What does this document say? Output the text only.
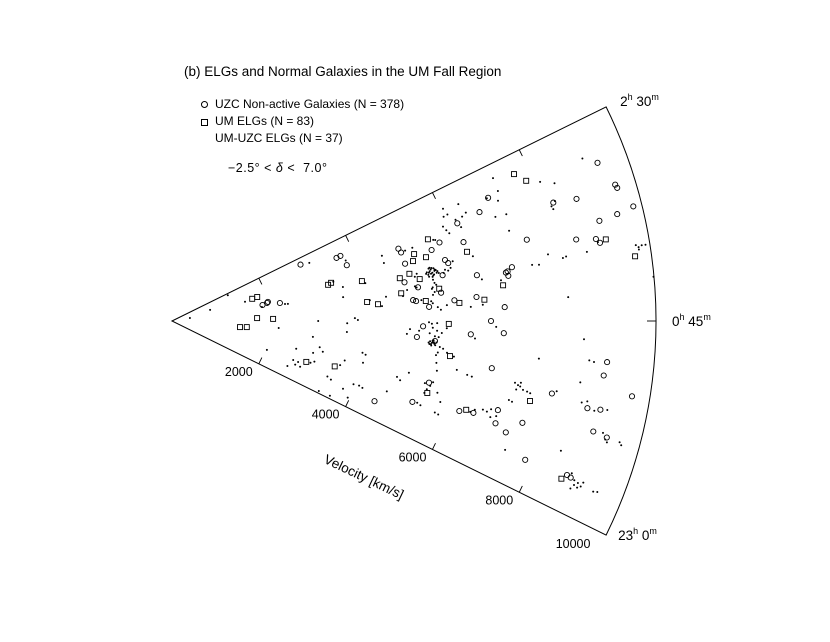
2000
4000
6000
8000
10000
2$^h$ 30$^m$
0$^h$ 45$^m$
23$^h$ 0$^m$
Velocity [km/s]
(b) ELGs and Normal Galaxies in the UM Fall Region
UZC Non-active Galaxies (N = 378)
UM ELGs (N = 83)
UM-UZC ELGs (N = 37)
−2.5° < δ <  7.0°
